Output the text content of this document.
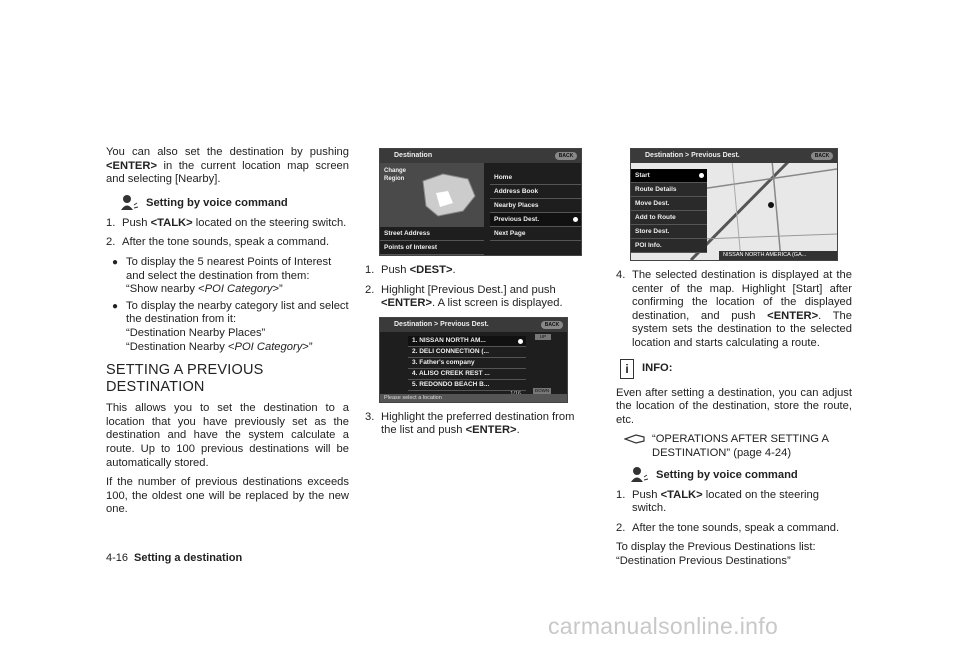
You can also set the destination by pushing <ENTER> in the current location map screen and selecting [Nearby].

Setting by voice command
1. Push <TALK> located on the steering switch.
2. After the tone sounds, speak a command.
● To display the 5 nearest Points of Interest and select the destination from them:
“Show nearby <POI Category>”
● To display the nearby category list and select the destination from it:
“Destination Nearby Places”
“Destination Nearby <POI Category>”
SETTING A PREVIOUS DESTINATION

This allows you to set the destination to a location that you have previously set as the destination and have the system calculate a route. Up to 100 previous destinations will be automatically stored.

If the number of previous destinations exceeds 100, the oldest one will be replaced by the new one.

Destination	BACK
Change Region
Street Address
Points of Interest
Home
Address Book
Nearby Places
Previous Dest.
Next Page
1. Push <DEST>.
2. Highlight [Previous Dest.] and push <ENTER>. A list screen is displayed.
Destination > Previous Dest.	BACK
UP
1. NISSAN NORTH AM...
2. DELI CONNECTION (...
3. Father's company
4. ALISO CREEK REST ...
5. REDONDO BEACH B...
DOWN
Please select a location
3. Highlight the preferred destination from the list and push <ENTER>.
Destination > Previous Dest.	BACK
Start
Route Details
Move Dest.
Add to Route
Store Dest.
POI Info.
NISSAN NORTH AMERICA (GA...
4. The selected destination is displayed at the center of the map. Highlight [Start] after confirming the location of the displayed destination, and push <ENTER>. The system sets the destination to the selected location and starts calculating a route.
i	INFO:

Even after setting a destination, you can adjust the location of the destination, store the route, etc.

“OPERATIONS AFTER SETTING A DESTINATION” (page 4-24)
Setting by voice command
1. Push <TALK> located on the steering switch.
2. After the tone sounds, speak a command.

To display the Previous Destinations list:

“Destination Previous Destinations”

4-16 Setting a destination
carmanualsonline.info
